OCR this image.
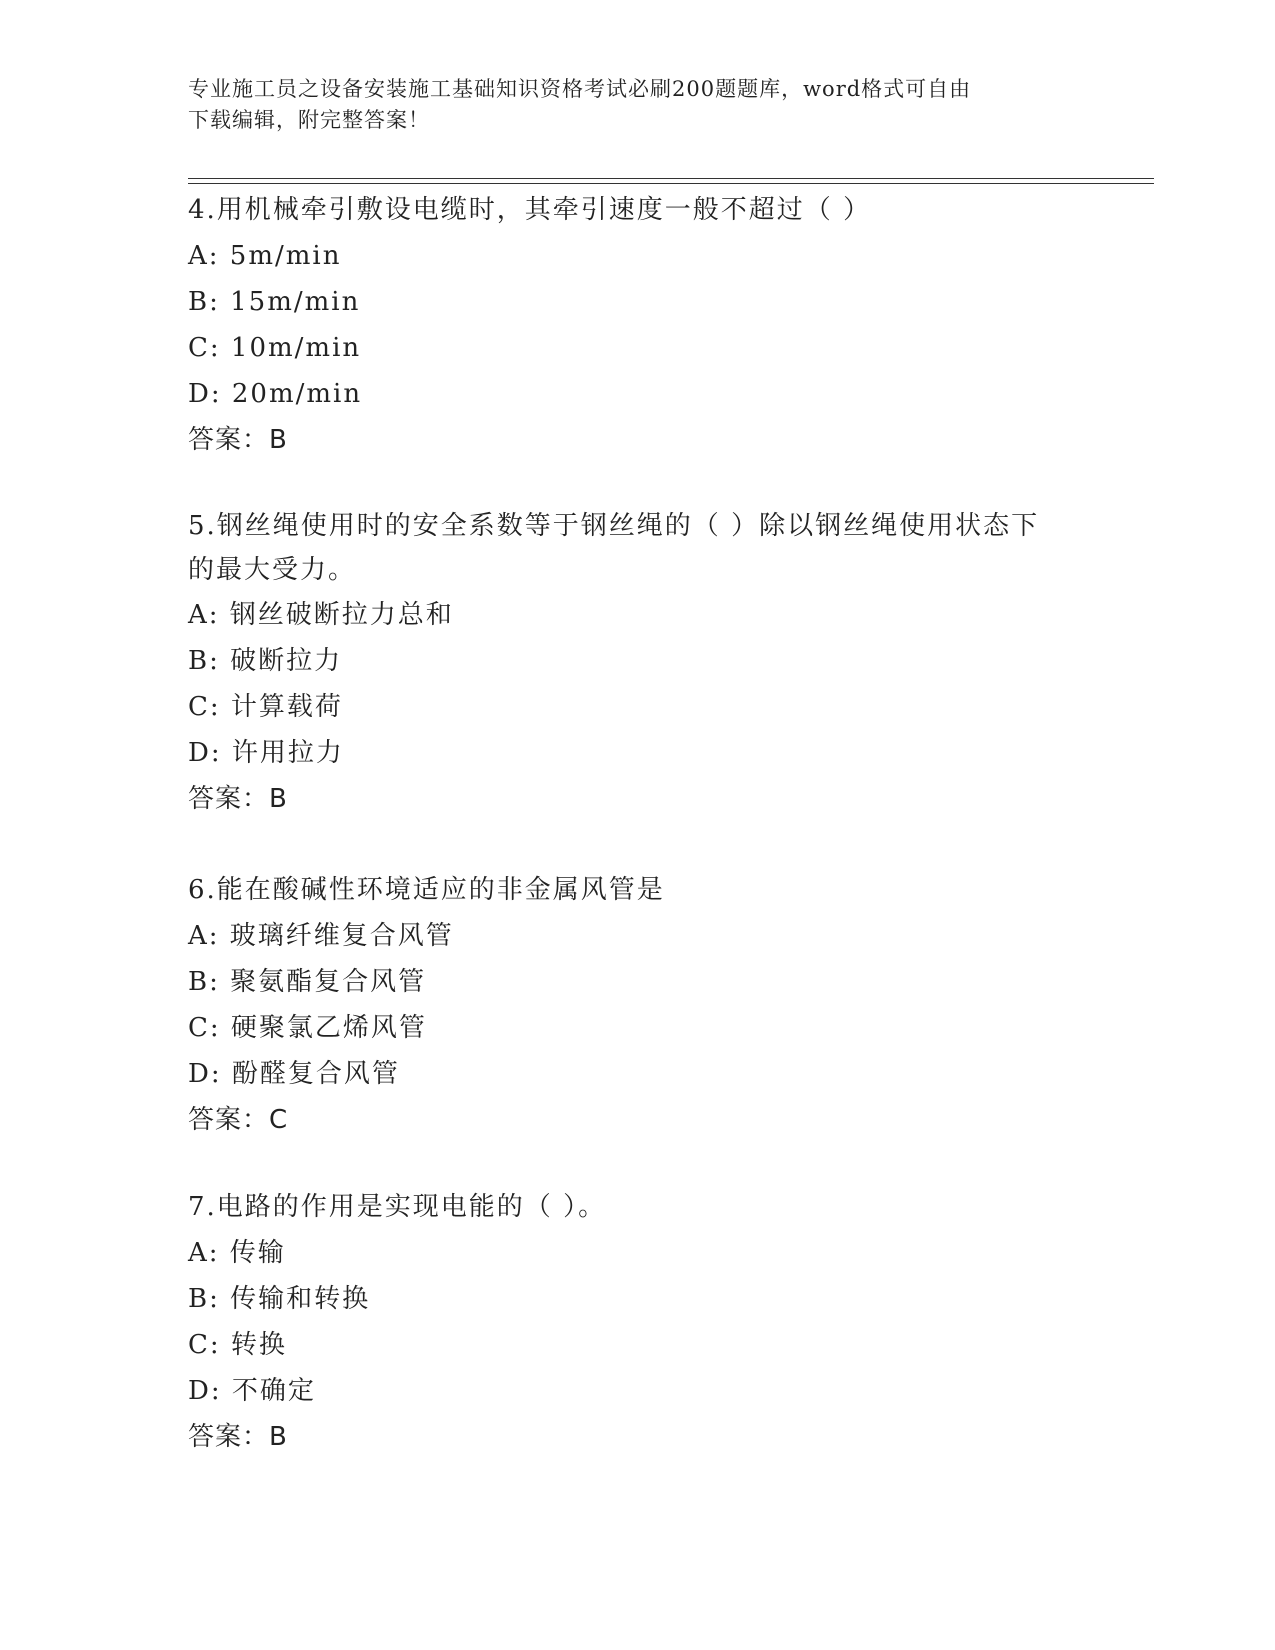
专业施工员之设备安装施工基础知识资格考试必刷200题题库，word格式可自由
下载编辑，附完整答案！
4.用机械牵引敷设电缆时，其牵引速度一般不超过（ ）
A: 5m/min
B: 15m/min
C: 10m/min
D: 20m/min
答案：B
5.钢丝绳使用时的安全系数等于钢丝绳的（ ）除以钢丝绳使用状态下
的最大受力。
A: 钢丝破断拉力总和
B: 破断拉力
C: 计算载荷
D: 许用拉力
答案：B
6.能在酸碱性环境适应的非金属风管是
A: 玻璃纤维复合风管
B: 聚氨酯复合风管
C: 硬聚氯乙烯风管
D: 酚醛复合风管
答案：C
7.电路的作用是实现电能的（ ）。
A: 传输
B: 传输和转换
C: 转换
D: 不确定
答案：B
